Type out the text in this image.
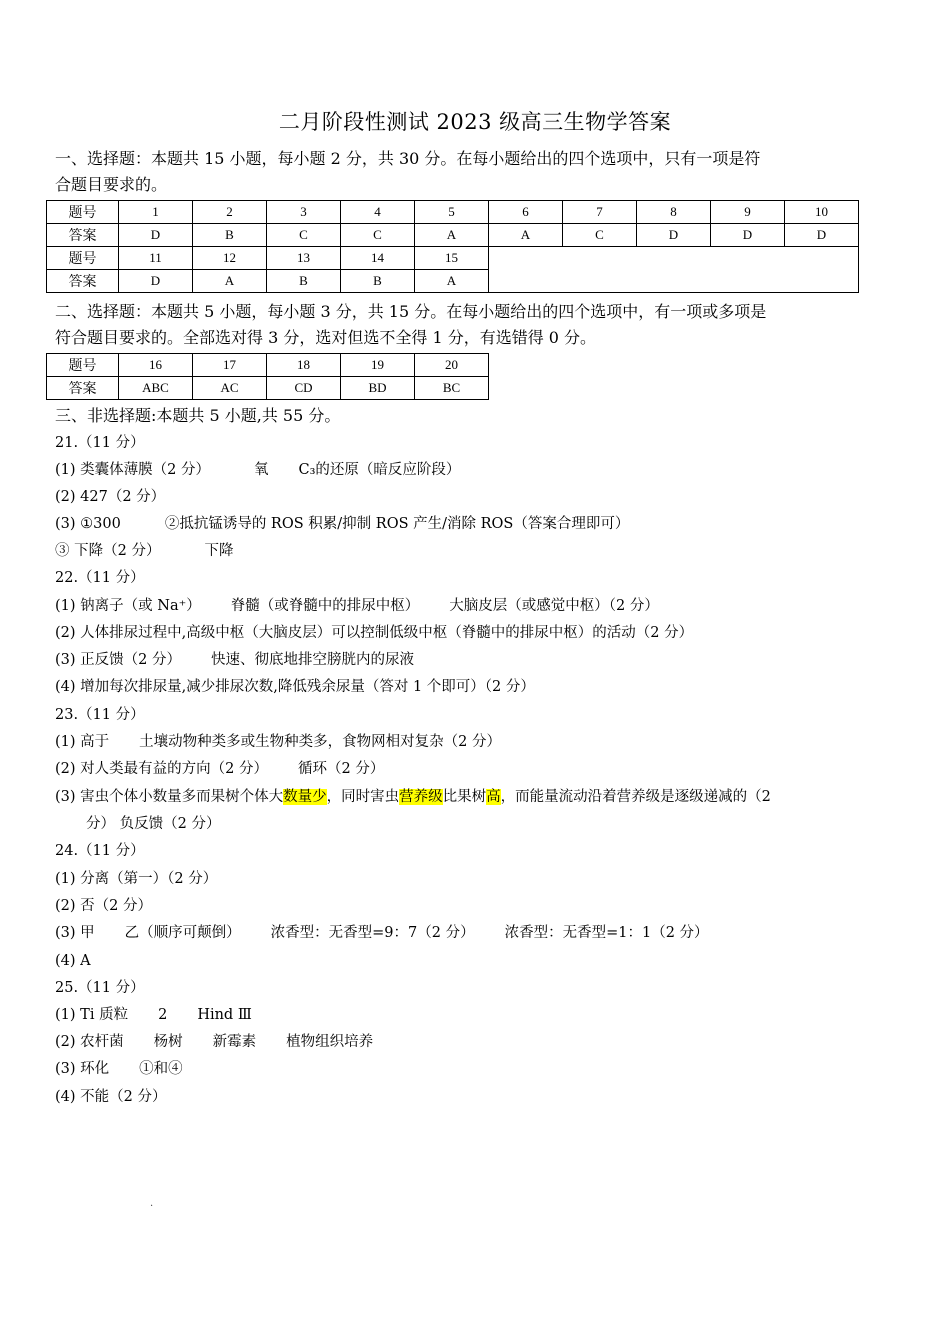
二月阶段性测试 2023 级高三生物学答案
一、选择题：本题共 15 小题，每小题 2 分，共 30 分。在每小题给出的四个选项中，只有一项是符
合题目要求的。
题号	1	2	3	4	5	6	7	8	9	10
答案	D	B	C	C	A	A	C	D	D	D
题号	11	12	13	14	15					
答案	D	A	B	B	A					
二、选择题：本题共 5 小题，每小题 3 分，共 15 分。在每小题给出的四个选项中，有一项或多项是
符合题目要求的。全部选对得 3 分，选对但选不全得 1 分，有选错得 0 分。
题号	16	17	18	19	20
答案	ABC	AC	CD	BD	BC
三、非选择题:本题共 5 小题,共 55 分。
21.（11 分）
(1) 类囊体薄膜（2 分）	氧 C₃的还原（暗反应阶段）
(2) 427（2 分）
(3) ①300	②抵抗锰诱导的 ROS 积累/抑制 ROS 产生/消除 ROS（答案合理即可）
③ 下降（2 分）	下降
22.（11 分）
(1) 钠离子（或 Na⁺） 脊髓（或脊髓中的排尿中枢） 大脑皮层（或感觉中枢）（2 分）
(2) 人体排尿过程中,高级中枢（大脑皮层）可以控制低级中枢（脊髓中的排尿中枢）的活动（2 分）
(3) 正反馈（2 分） 快速、彻底地排空膀胱内的尿液
(4) 增加每次排尿量,减少排尿次数,降低残余尿量（答对 1 个即可）（2 分）
23.（11 分）
(1) 高于 土壤动物种类多或生物种类多，食物网相对复杂（2 分）
(2) 对人类最有益的方向（2 分） 循环（2 分）
(3) 害虫个体小数量多而果树个体大数量少，同时害虫营养级比果树高，而能量流动沿着营养级是逐级递减的（2
分） 负反馈（2 分）
24.（11 分）
(1) 分离（第一）（2 分）
(2) 否（2 分）
(3) 甲 乙（顺序可颠倒） 浓香型：无香型=9：7（2 分） 浓香型：无香型=1：1（2 分）
(4) A
25.（11 分）
(1) Ti 质粒 2 Hind Ⅲ
(2) 农杆菌 杨树 新霉素 植物组织培养
(3) 环化 ①和④
(4) 不能（2 分）
.
